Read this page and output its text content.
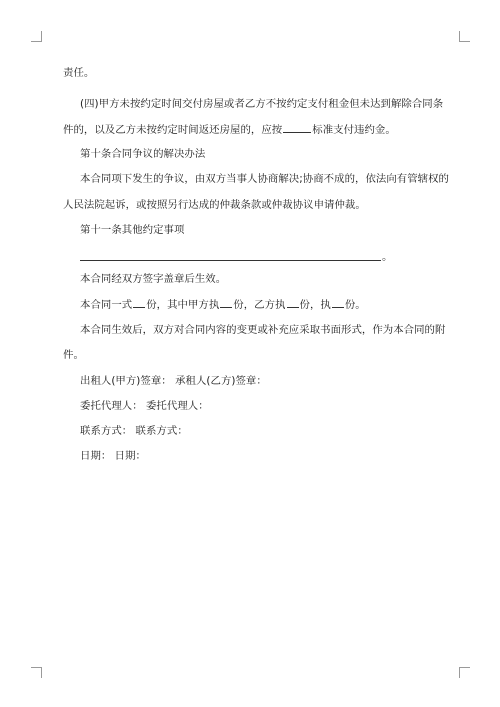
责任。
(四)甲方未按约定时间交付房屋或者乙方不按约定支付租金但未达到解除合同条
件的，以及乙方未按约定时间返还房屋的，应按	标准支付违约金。
第十条合同争议的解决办法
本合同项下发生的争议，由双方当事人协商解决;协商不成的，依法向有管辖权的
人民法院起诉，或按照另行达成的仲裁条款或仲裁协议申请仲裁。
第十一条其他约定事项
。
本合同经双方签字盖章后生效。
本合同一式 份，其中甲方执 份，乙方执 份，执 份。
本合同生效后，双方对合同内容的变更或补充应采取书面形式，作为本合同的附
件。
出租人(甲方)签章： 承租人(乙方)签章：
委托代理人： 委托代理人：
联系方式： 联系方式：
日期： 日期：
